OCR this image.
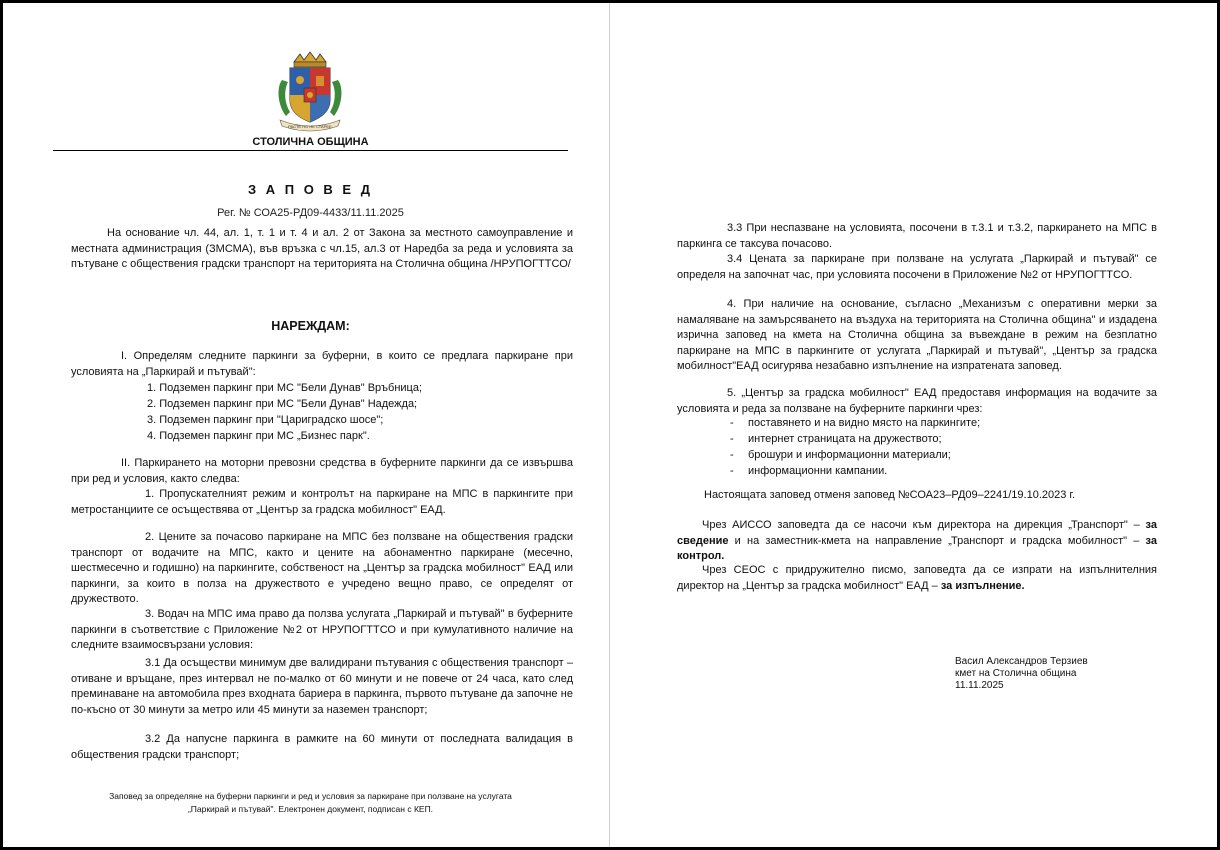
РАСТЕ НО НЕ СТАРЕЕ
СТОЛИЧНА ОБЩИНА
З А П О В Е Д
Рег. № СОА25-РД09-4433/11.11.2025

На основание чл. 44, ал. 1, т. 1 и т. 4 и ал. 2 от Закона за местното самоуправление и местната администрация (ЗМСМА), във връзка с чл.15, ал.3 от Наредба за реда и условията за пътуване с обществения градски транспорт на територията на Столична община /НРУПОГТТСО/

НАРЕЖДАМ:

I. Определям следните паркинги за буферни, в които се предлага паркиране при условията на „Паркирай и пътувай":

1. Подземен паркинг при МС "Бели Дунав" Връбница;
2. Подземен паркинг при МС "Бели Дунав" Надежда;
3. Подземен паркинг при "Цариградско шосе";
4. Подземен паркинг при МС „Бизнес парк".

II. Паркирането на моторни превозни средства в буферните паркинги да се извършва при ред и условия, както следва:

1. Пропускателният режим и контролът на паркиране на МПС в паркингите при метростанциите се осъществява от „Център за градска мобилност" ЕАД.

2. Цените за почасово паркиране на МПС без ползване на обществения градски транспорт от водачите на МПС, както и цените на абонаментно паркиране (месечно, шестмесечно и годишно) на паркингите, собственост на „Център за градска мобилност" ЕАД или паркинги, за които в полза на дружеството е учредено вещно право, се определят от дружеството.

3. Водач на МПС има право да ползва услугата „Паркирай и пътувай" в буферните паркинги в съответствие с Приложение №2 от НРУПОГТТСО и при кумулативното наличие на следните взаимосвързани условия:

3.1 Да осъществи минимум две валидирани пътувания с обществения транспорт – отиване и връщане, през интервал не по-малко от 60 минути и не повече от 24 часа, като след преминаване на автомобила през входната бариера в паркинга, първото пътуване да започне не по-късно от 30 минути за метро или 45 минути за наземен транспорт;

3.2 Да напусне паркинга в рамките на 60 минути от последната валидация в обществения градски транспорт;

Заповед за определяне на буферни паркинги и ред и условия за паркиране при ползване на услугата
„Паркирай и пътувай". Електронен документ, подписан с КЕП.

3.3 При неспазване на условията, посочени в т.3.1 и т.3.2, паркирането на МПС в паркинга се таксува почасово.

3.4 Цената за паркиране при ползване на услугата „Паркирай и пътувай" се определя на започнат час, при условията посочени в Приложение №2 от НРУПОГТТСО.

4. При наличие на основание, съгласно „Механизъм с оперативни мерки за намаляване на замърсяването на въздуха на територията на Столична община" и издадена изрична заповед на кмета на Столична община за въвеждане в режим на безплатно паркиране на МПС в паркингите от услугата „Паркирай и пътувай", „Център за градска мобилност"ЕАД осигурява незабавно изпълнение на изпратената заповед.

5. „Център за градска мобилност" ЕАД предоставя информация на водачите за условията и реда за ползване на буферните паркинги чрез:

- поставянето и на видно място на паркингите;
- интернет страницата на дружеството;
- брошури и информационни материали;
- информационни кампании.

Настоящата заповед отменя заповед №СОА23–РД09–2241/19.10.2023 г.

Чрез АИССО заповедта да се насочи към директора на дирекция „Транспорт" – за сведение и на заместник-кмета на направление „Транспорт и градска мобилност" – за контрол.

Чрез СЕОС с придружително писмо, заповедта да се изпрати на изпълнителния директор на „Център за градска мобилност" ЕАД – за изпълнение.

Васил Александров Терзиев
кмет на Столична община
11.11.2025
